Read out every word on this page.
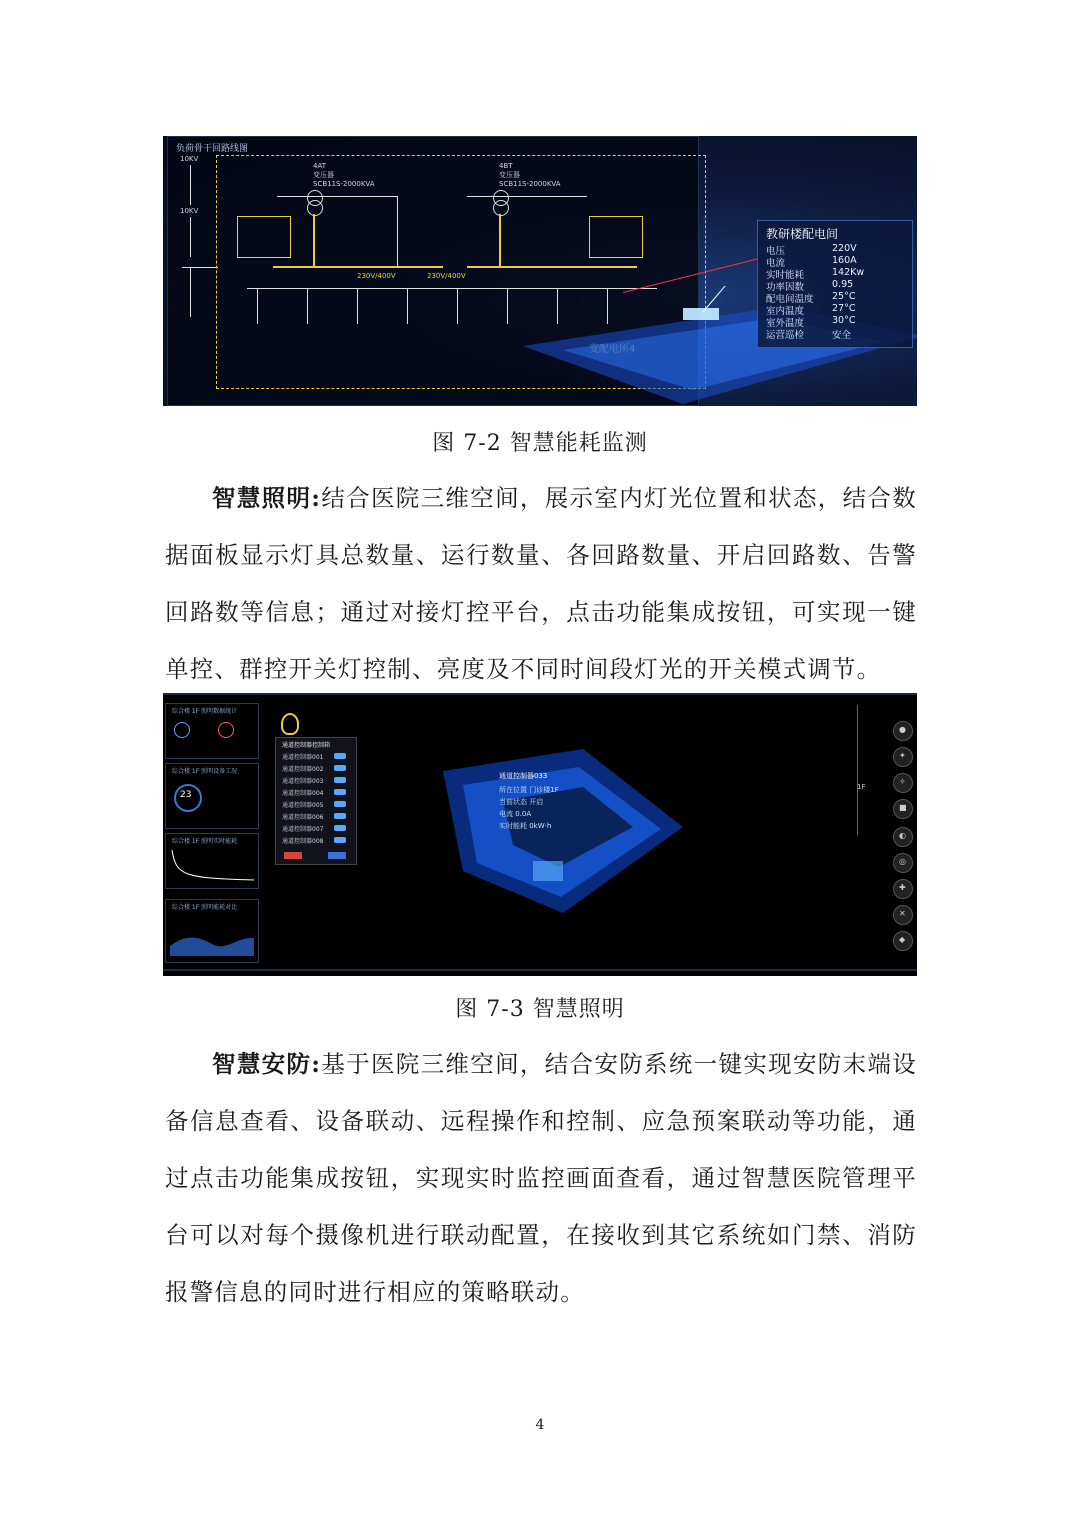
负荷骨干回路线图
10KV
10KV
4AT
变压器
SCB11S-2000KVA
4BT
变压器
SCB11S-2000KVA
230V/400V	230V/400V
教研楼配电间
电压	220V
电流	160A
实时能耗	142Kw
功率因数	0.95
配电间温度 25°C
室内温度	27°C
室外温度	30°C
运营巡检	安全
图 7-2 智慧能耗监测
智慧照明:结合医院三维空间，展示室内灯光位置和状态，结合数据面板显示灯具总数量、运行数量、各回路数量、开启回路数、告警回路数等信息；通过对接灯控平台，点击功能集成按钮，可实现一键单控、群控开关灯控制、亮度及不同时间段灯光的开关模式调节。
综合楼 1F 照明数据统计
综合楼 1F 照明设备工况
23
综合楼 1F 照明实时能耗
综合楼 1F 照明能耗对比
通道控制器控制箱
通道控制器001
通道控制器002
通道控制器003
通道控制器004
通道控制器005
通道控制器006
通道控制器007
通道控制器008
通道控制器033
所在位置 门诊楼1F
当前状态 开启
电流 0.0A
实时能耗 0kW·h
1F
●
✦
✧
■
◐
◎
✚
✕
◆
图 7-3 智慧照明
智慧安防:基于医院三维空间，结合安防系统一键实现安防末端设备信息查看、设备联动、远程操作和控制、应急预案联动等功能，通过点击功能集成按钮，实现实时监控画面查看，通过智慧医院管理平台可以对每个摄像机进行联动配置，在接收到其它系统如门禁、消防报警信息的同时进行相应的策略联动。
4
